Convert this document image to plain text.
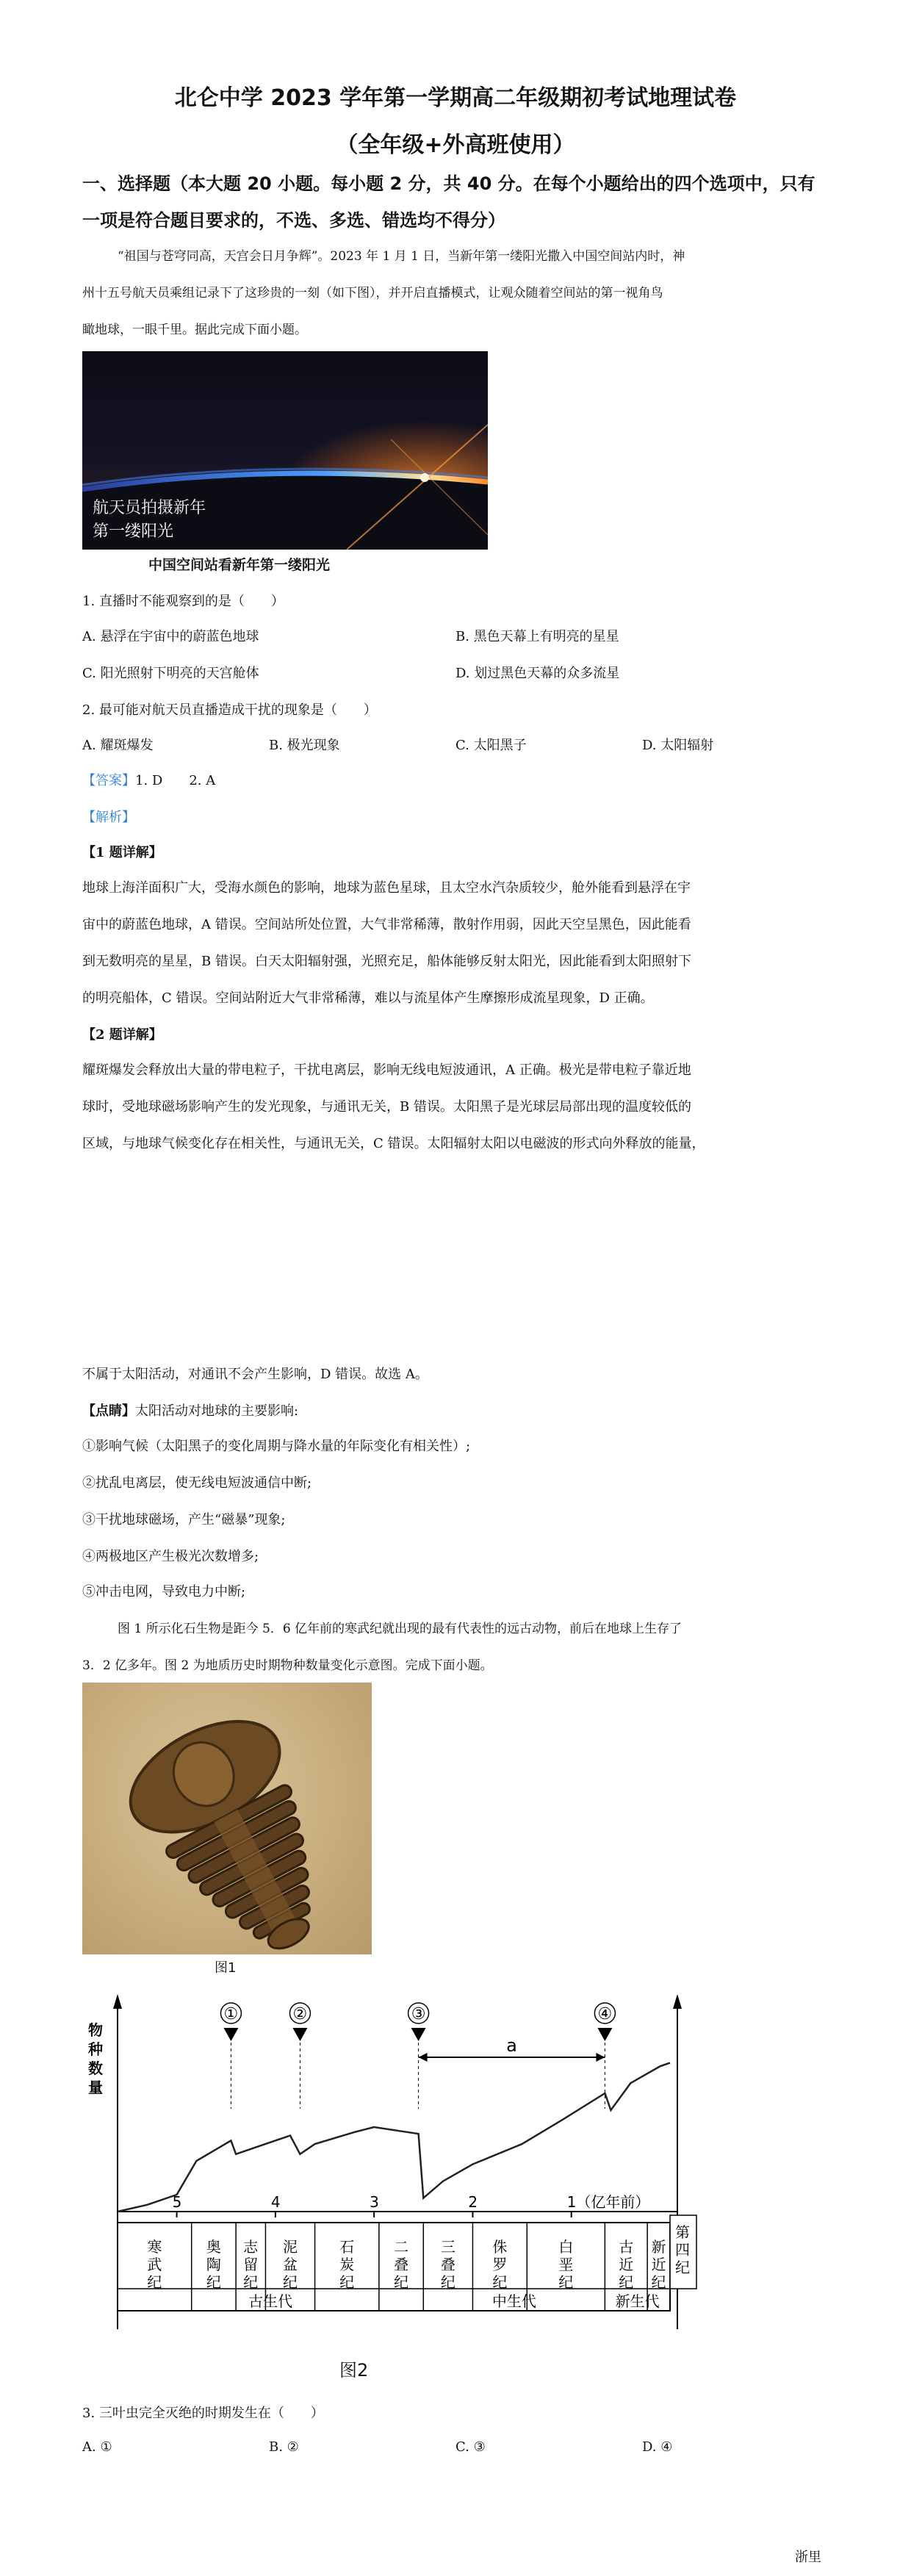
北仑中学 2023 学年第一学期高二年级期初考试地理试卷
（全年级+外高班使用）
一、选择题（本大题 20 小题。每小题 2 分，共 40 分。在每个小题给出的四个选项中，只有
一项是符合题目要求的，不选、多选、错选均不得分）
“祖国与苍穹同高，天宫会日月争辉”。2023 年 1 月 1 日，当新年第一缕阳光撒入中国空间站内时，神
州十五号航天员乘组记录下了这珍贵的一刻（如下图），并开启直播模式，让观众随着空间站的第一视角鸟
瞰地球，一眼千里。据此完成下面小题。
航天员拍摄新年
第一缕阳光
中国空间站看新年第一缕阳光
1. 直播时不能观察到的是（　　）
A. 悬浮在宇宙中的蔚蓝色地球	B. 黑色天幕上有明亮的星星
C. 阳光照射下明亮的天宫舱体	D. 划过黑色天幕的众多流星
2. 最可能对航天员直播造成干扰的现象是（　　）
A. 耀斑爆发	B. 极光现象	C. 太阳黑子	D. 太阳辐射
【答案】1. D　　2. A
【解析】
【1 题详解】
地球上海洋面积广大，受海水颜色的影响，地球为蓝色星球，且太空水汽杂质较少，舱外能看到悬浮在宇
宙中的蔚蓝色地球，A 错误。空间站所处位置，大气非常稀薄，散射作用弱，因此天空呈黑色，因此能看
到无数明亮的星星，B 错误。白天太阳辐射强，光照充足，船体能够反射太阳光，因此能看到太阳照射下
的明亮船体，C 错误。空间站附近大气非常稀薄，难以与流星体产生摩擦形成流星现象，D 正确。
【2 题详解】
耀斑爆发会释放出大量的带电粒子，干扰电离层，影响无线电短波通讯，A 正确。极光是带电粒子靠近地
球时，受地球磁场影响产生的发光现象，与通讯无关，B 错误。太阳黑子是光球层局部出现的温度较低的
区域，与地球气候变化存在相关性，与通讯无关，C 错误。太阳辐射太阳以电磁波的形式向外释放的能量，
不属于太阳活动，对通讯不会产生影响，D 错误。故选 A。
【点睛】太阳活动对地球的主要影响:
①影响气候（太阳黑子的变化周期与降水量的年际变化有相关性）;
②扰乱电离层，使无线电短波通信中断;
③干扰地球磁场，产生“磁暴”现象;
④两极地区产生极光次数增多;
⑤冲击电网，导致电力中断;
图 1 所示化石生物是距今 5．6 亿年前的寒武纪就出现的最有代表性的远古动物，前后在地球上生存了
3．2 亿多年。图 2 为地质历史时期物种数量变化示意图。完成下面小题。
图1
物种数量
①	②	③	④
a
5	4	3	2	1 （亿年前）
寒武纪
奥陶纪
志留纪
泥盆纪
石炭纪
二叠纪
三叠纪
侏罗纪
白垩纪
古近纪
新近纪
第四纪
古生代	中生代	新生代
图2
3. 三叶虫完全灭绝的时期发生在（　　）
A. ①	B. ②	C. ③	D. ④
浙里
